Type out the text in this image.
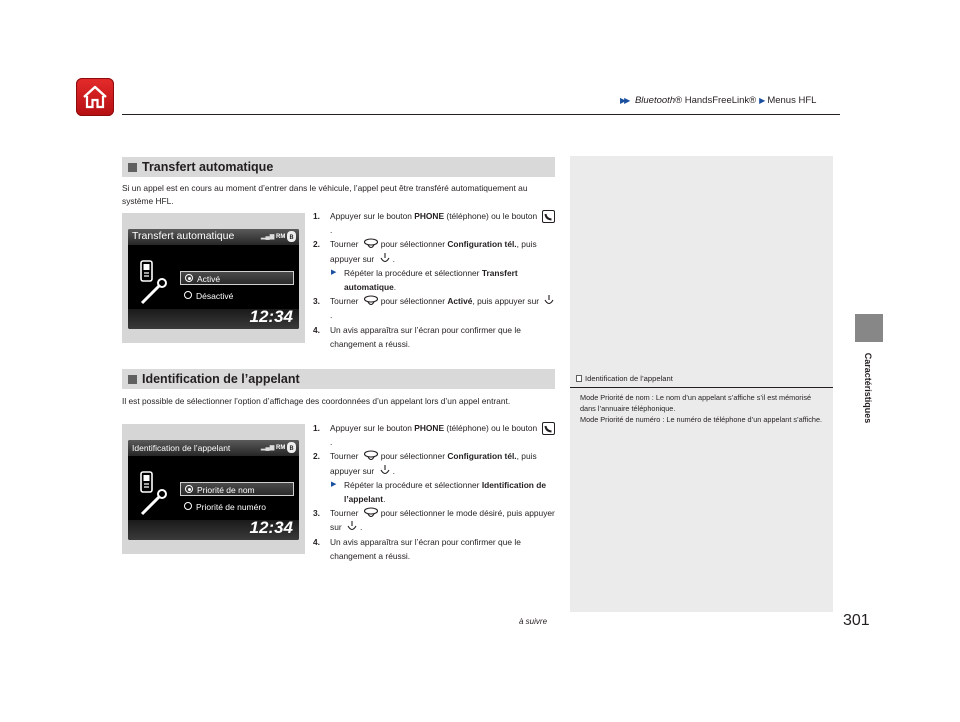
▶▶ Bluetooth® HandsFreeLink® ▶ Menus HFL
Caractéristiques
Identification de l’appelant
Mode Priorité de nom : Le nom d’un appelant s’affiche s’il est mémorisé dans l’annuaire téléphonique.
Mode Priorité de numéro : Le numéro de téléphone d’un appelant s’affiche.
Transfert automatique
Si un appel est en cours au moment d’entrer dans le véhicule, l’appel peut être transféré automatiquement au système HFL.
Transfert automatique	▂▄▆ RM ʙ
Activé
Désactivé
12:34
1. Appuyer sur le bouton PHONE (téléphone) ou le bouton .
2. Tourner	pour sélectionner Configuration tél., puis appuyer sur .
▶ Répéter la procédure et sélectionner Transfert automatique.
3. Tourner	pour sélectionner Activé, puis appuyer sur .
4. Un avis apparaîtra sur l’écran pour confirmer que le changement a réussi.
Identification de l’appelant
Il est possible de sélectionner l’option d’affichage des coordonnées d’un appelant lors d’un appel entrant.
Identification de l’appelant	▂▄▆ RM ʙ
Priorité de nom
Priorité de numéro
12:34
1. Appuyer sur le bouton PHONE (téléphone) ou le bouton .
2. Tourner	pour sélectionner Configuration tél., puis appuyer sur .
▶ Répéter la procédure et sélectionner Identification de l’appelant.
3. Tourner	pour sélectionner le mode désiré, puis appuyer sur .
4. Un avis apparaîtra sur l’écran pour confirmer que le changement a réussi.
à suivre	301
